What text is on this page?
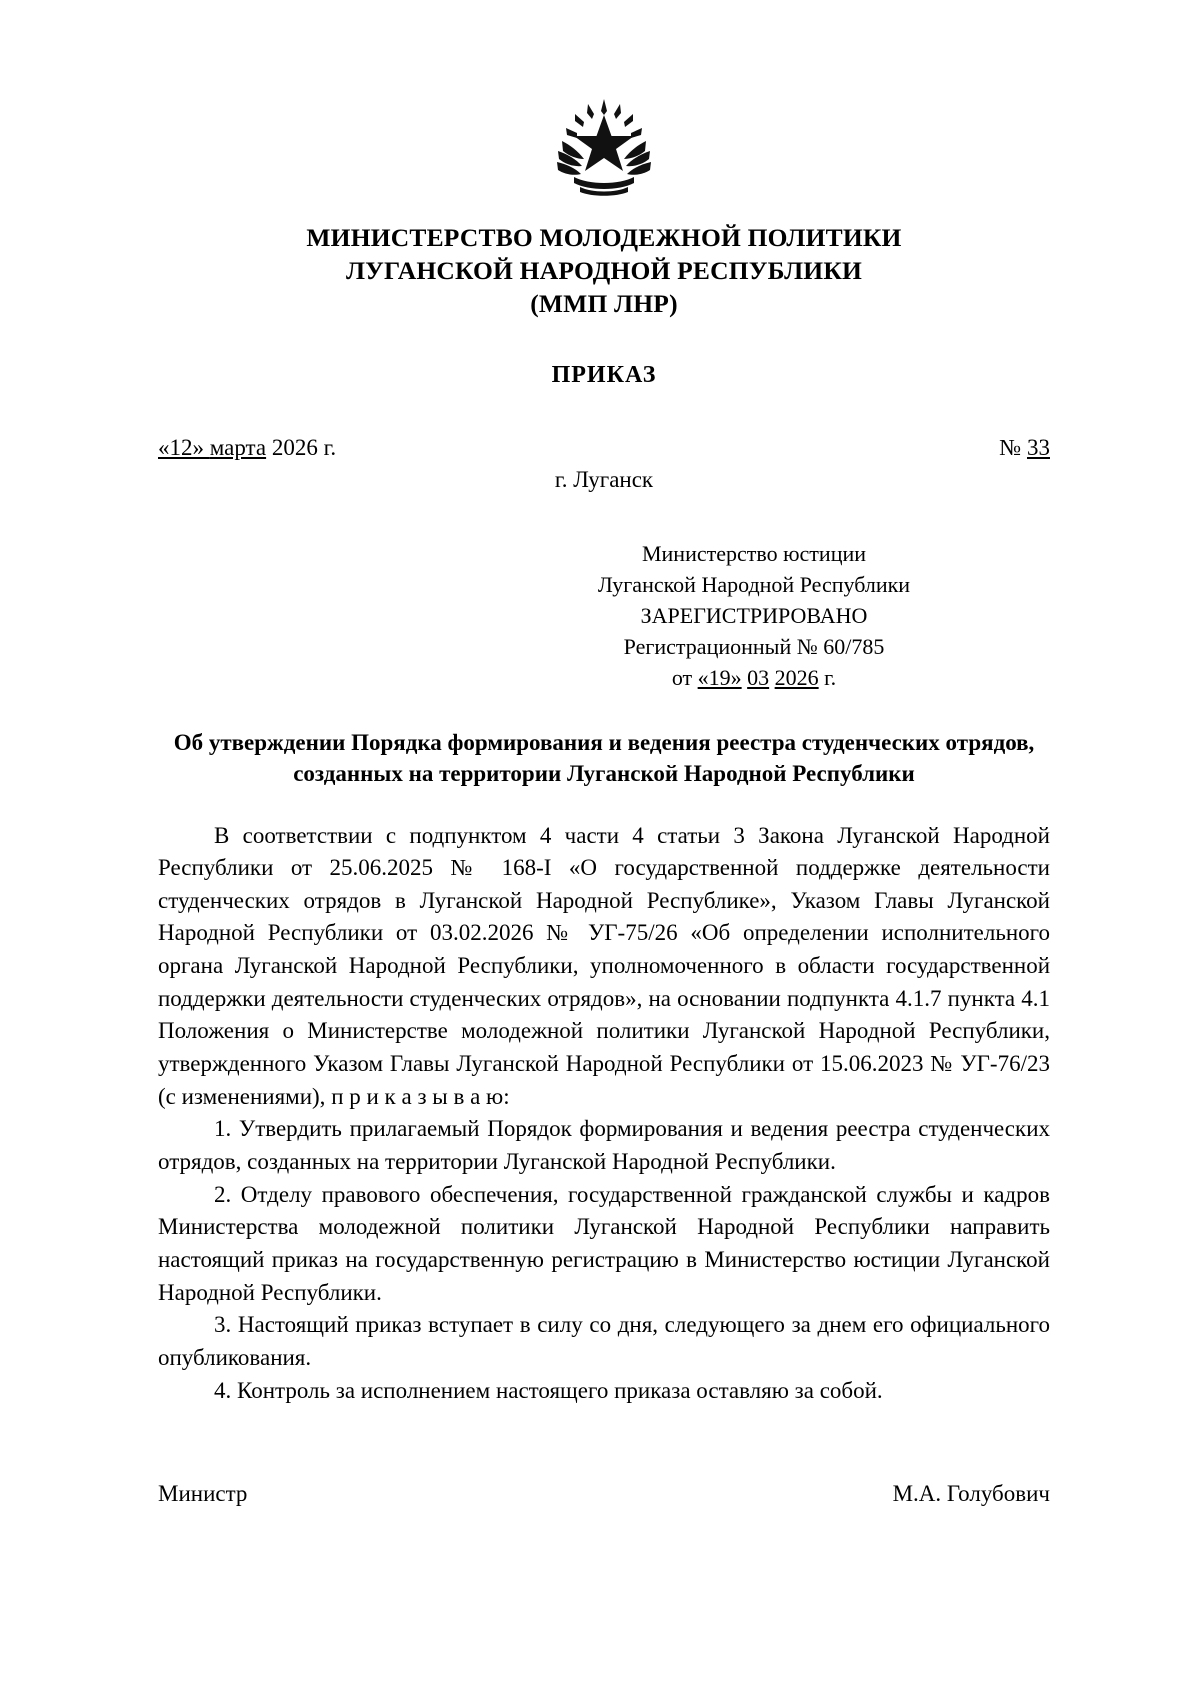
МИНИСТЕРСТВО МОЛОДЕЖНОЙ ПОЛИТИКИ
ЛУГАНСКОЙ НАРОДНОЙ РЕСПУБЛИКИ
(ММП ЛНР)
ПРИКАЗ
«12» марта 2026 г.	№ 33
г. Луганск
Министерство юстиции
Луганской Народной Республики
ЗАРЕГИСТРИРОВАНО
Регистрационный № 60/785
от «19» 03 2026 г.
Об утверждении Порядка формирования и ведения реестра студенческих отрядов, созданных на территории Луганской Народной Республики

В соответствии с подпунктом 4 части 4 статьи 3 Закона Луганской Народной Республики от 25.06.2025 № 168-I «О государственной поддержке деятельности студенческих отрядов в Луганской Народной Республике», Указом Главы Луганской Народной Республики от 03.02.2026 № УГ-75/26 «Об определении исполнительного органа Луганской Народной Республики, уполномоченного в области государственной поддержки деятельности студенческих отрядов», на основании подпункта 4.1.7 пункта 4.1 Положения о Министерстве молодежной политики Луганской Народной Республики, утвержденного Указом Главы Луганской Народной Республики от 15.06.2023 № УГ-76/23 (с изменениями), п р и к а з ы в а ю:

1. Утвердить прилагаемый Порядок формирования и ведения реестра студенческих отрядов, созданных на территории Луганской Народной Республики.

2. Отделу правового обеспечения, государственной гражданской службы и кадров Министерства молодежной политики Луганской Народной Республики направить настоящий приказ на государственную регистрацию в Министерство юстиции Луганской Народной Республики.

3. Настоящий приказ вступает в силу со дня, следующего за днем его официального опубликования.

4. Контроль за исполнением настоящего приказа оставляю за собой.

Министр	М.А. Голубович
